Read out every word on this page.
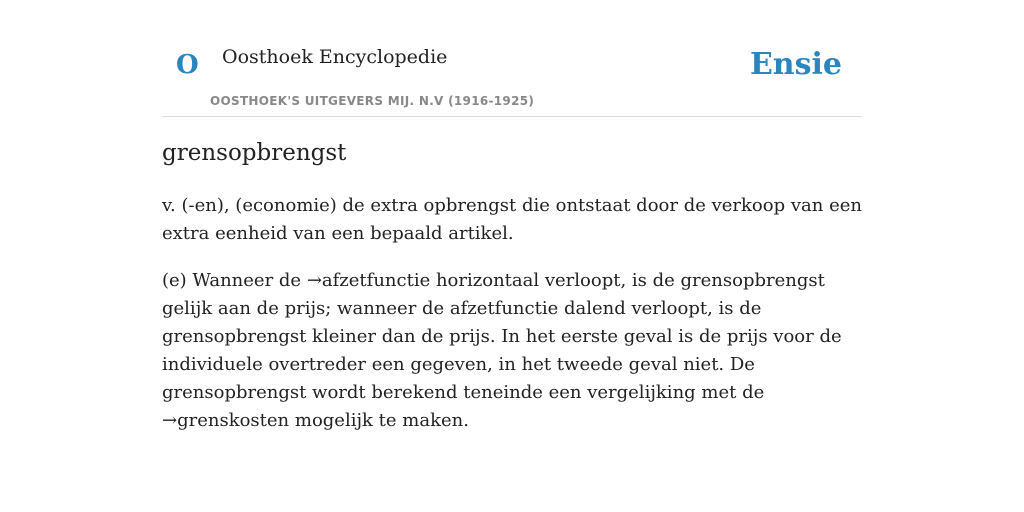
O Oosthoek Encyclopedie
OOSTHOEK'S UITGEVERS MIJ. N.V (1916-1925)
Ensie
grensopbrengst

v. (-en), (economie) de extra opbrengst die ontstaat door de verkoop van een extra eenheid van een bepaald artikel.

(e) Wanneer de →afzetfunctie horizontaal verloopt, is de grensopbrengst gelijk aan de prijs; wanneer de afzetfunctie dalend verloopt, is de grensopbrengst kleiner dan de prijs. In het eerste geval is de prijs voor de individuele overtreder een gegeven, in het tweede geval niet. De grensopbrengst wordt berekend teneinde een vergelijking met de →grenskosten mogelijk te maken.
